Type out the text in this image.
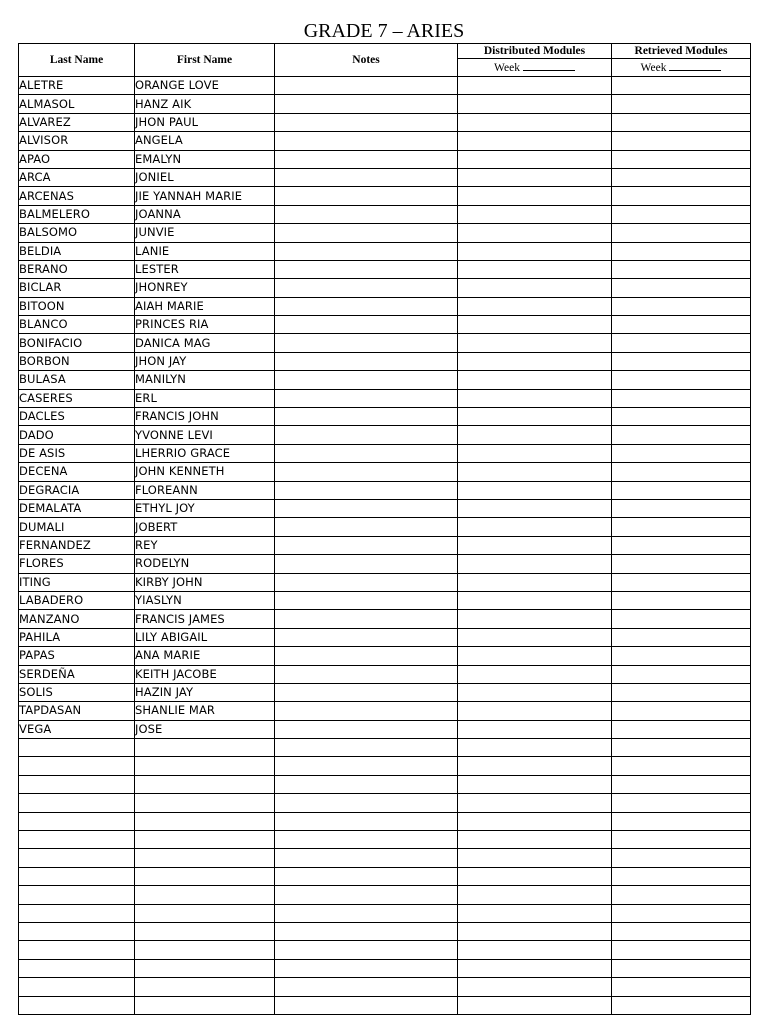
GRADE 7 – ARIES
Last Name	First Name	Notes	Distributed Modules	Retrieved Modules
			Week	Week
ALETRE	ORANGE LOVE			
ALMASOL	HANZ AIK			
ALVAREZ	JHON PAUL			
ALVISOR	ANGELA			
APAO	EMALYN			
ARCA	JONIEL			
ARCENAS	JIE YANNAH MARIE			
BALMELERO	JOANNA			
BALSOMO	JUNVIE			
BELDIA	LANIE			
BERANO	LESTER			
BICLAR	JHONREY			
BITOON	AIAH MARIE			
BLANCO	PRINCES RIA			
BONIFACIO	DANICA MAG			
BORBON	JHON JAY			
BULASA	MANILYN			
CASERES	ERL			
DACLES	FRANCIS JOHN			
DADO	YVONNE LEVI			
DE ASIS	LHERRIO GRACE			
DECENA	JOHN KENNETH			
DEGRACIA	FLOREANN			
DEMALATA	ETHYL JOY			
DUMALI	JOBERT			
FERNANDEZ	REY			
FLORES	RODELYN			
ITING	KIRBY JOHN			
LABADERO	YIASLYN			
MANZANO	FRANCIS JAMES			
PAHILA	LILY ABIGAIL			
PAPAS	ANA MARIE			
SERDEÑA	KEITH JACOBE			
SOLIS	HAZIN JAY			
TAPDASAN	SHANLIE MAR			
VEGA	JOSE			
